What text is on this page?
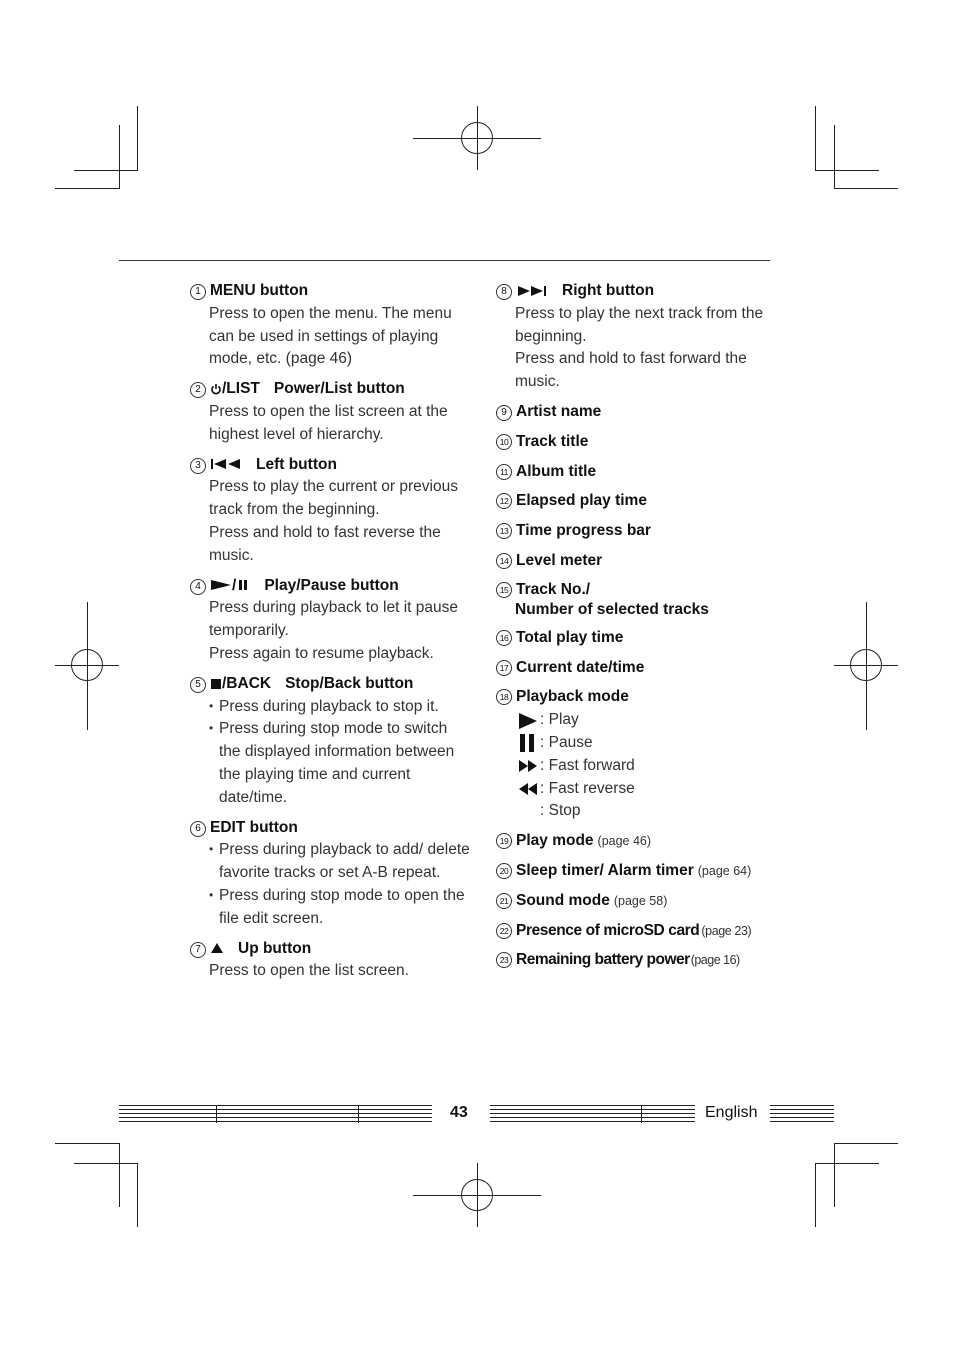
1 MENU button
Press to open the menu. The menu can be used in settings of playing mode, etc. (page 46)
2	/LIST Power/List button
Press to open the list screen at the highest level of hierarchy.
3	Left button
Press to play the current or previous track from the beginning.
Press and hold to fast reverse the music.
4	/	Play/Pause button
Press during playback to let it pause temporarily.
Press again to resume playback.
5	/BACK Stop/Back button
• Press during playback to stop it.
• Press during stop mode to switch the displayed information between the playing time and current date/time.
6 EDIT button
• Press during playback to add/ delete favorite tracks or set A-B repeat.
• Press during stop mode to open the file edit screen.
7	Up button
Press to open the list screen.
8	Right button
Press to play the next track from the beginning.
Press and hold to fast forward the music.
9 Artist name
10 Track title
11 Album title
12 Elapsed play time
13 Time progress bar
14 Level meter
15 Track No./
Number of selected tracks
16 Total play time
17 Current date/time
18 Playback mode
: Play
: Pause
: Fast forward
: Fast reverse
: Stop
19 Play mode (page 46)
20 Sleep timer/ Alarm timer (page 64)
21 Sound mode (page 58)
22 Presence of microSD card (page 23)
23 Remaining battery power (page 16)
43	English
